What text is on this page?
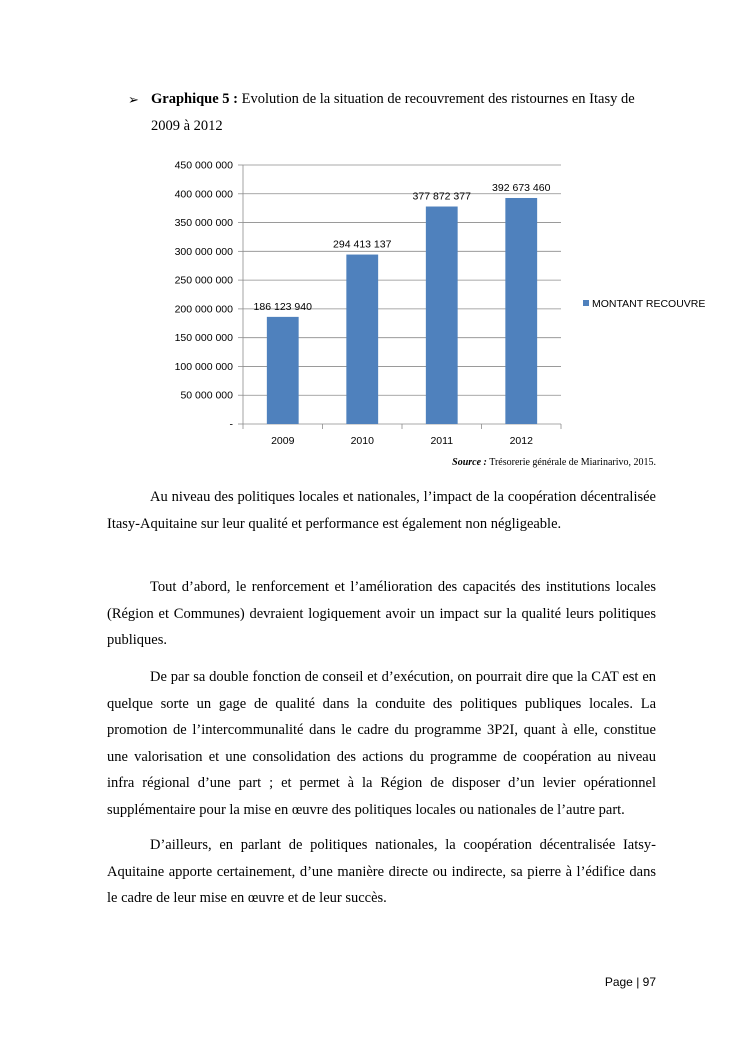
➢ Graphique 5 : Evolution de la situation de recouvrement des ristournes en Itasy de 2009 à 2012
-
50 000 000
100 000 000
150 000 000
200 000 000
250 000 000
300 000 000
350 000 000
400 000 000
450 000 000
186 123 940
2009
294 413 137
2010
377 872 377
2011
392 673 460
2012
MONTANT RECOUVRE
Source : Trésorerie générale de Miarinarivo, 2015.

Au niveau des politiques locales et nationales, l’impact de la coopération décentralisée Itasy-Aquitaine sur leur qualité et performance est également non négligeable.

Tout d’abord, le renforcement et l’amélioration des capacités des institutions locales (Région et Communes) devraient logiquement avoir un impact sur la qualité leurs politiques publiques.

De par sa double fonction de conseil et d’exécution, on pourrait dire que la CAT est en quelque sorte un gage de qualité dans la conduite des politiques publiques locales. La promotion de l’intercommunalité dans le cadre du programme 3P2I, quant à elle, constitue une valorisation et une consolidation des actions du programme de coopération au niveau infra régional d’une part ; et permet à la Région de disposer d’un levier opérationnel supplémentaire pour la mise en œuvre des politiques locales ou nationales de l’autre part.

D’ailleurs, en parlant de politiques nationales, la coopération décentralisée Iatsy-Aquitaine apporte certainement, d’une manière directe ou indirecte, sa pierre à l’édifice dans le cadre de leur mise en œuvre et de leur succès.

Page | 97
